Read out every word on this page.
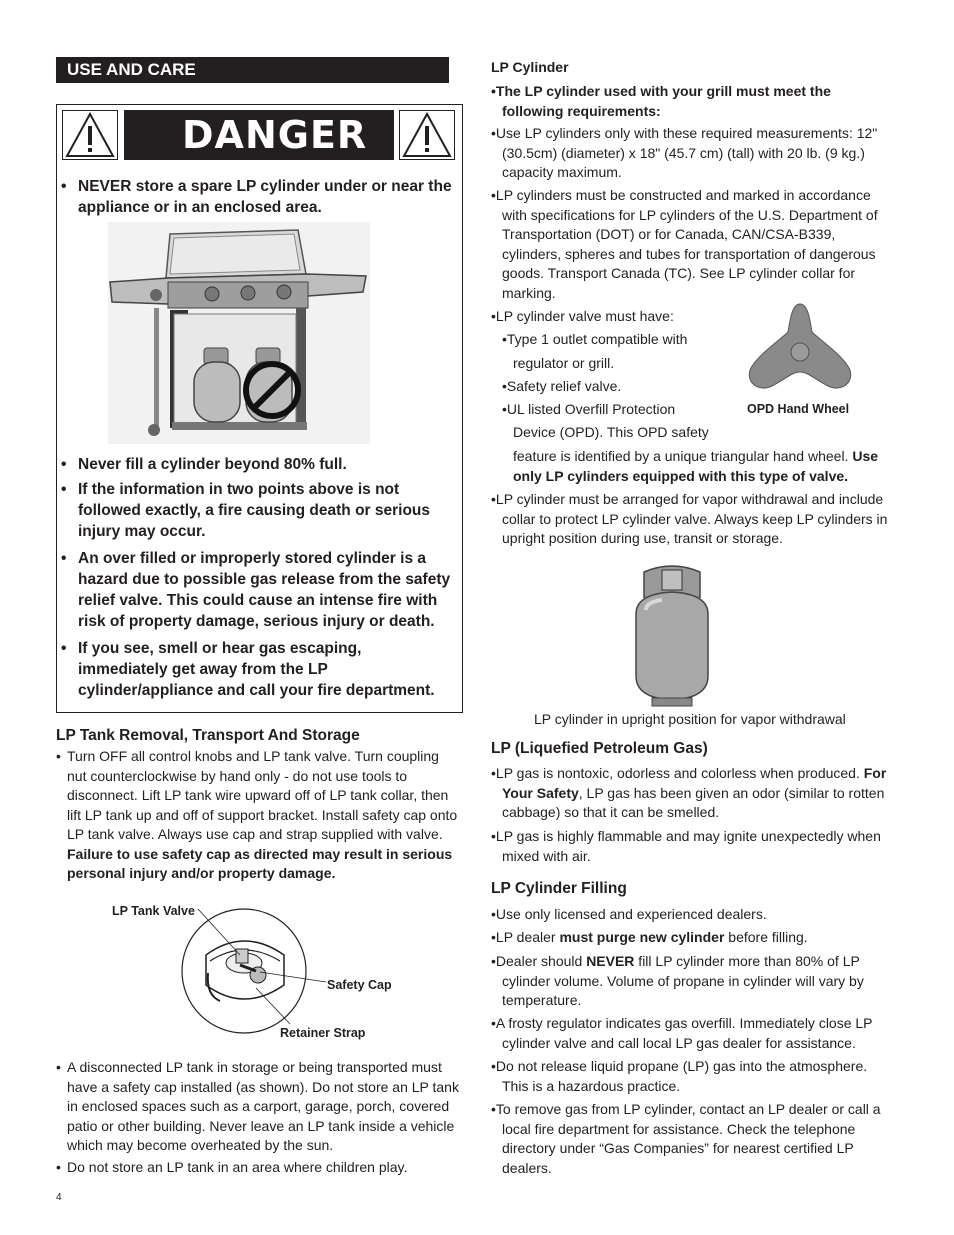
USE AND CARE
DANGER
• NEVER store a spare LP cylinder under or near the appliance or in an enclosed area.
• Never fill a cylinder beyond 80% full.
• If the information in two points above is not followed exactly, a fire causing death or serious injury may occur.
• An over filled or improperly stored cylinder is a hazard due to possible gas release from the safety relief valve. This could cause an intense fire with risk of property damage, serious injury or death.
• If you see, smell or hear gas escaping, immediately get away from the LP cylinder/appliance and call your fire department.
LP Tank Removal, Transport And Storage
• Turn OFF all control knobs and LP tank valve. Turn coupling nut counterclockwise by hand only - do not use tools to disconnect. Lift LP tank wire upward off of LP tank collar, then lift LP tank up and off of support bracket. Install safety cap onto LP tank valve. Always use cap and strap supplied with valve. Failure to use safety cap as directed may result in serious personal injury and/or property damage.
LP Tank Valve
Safety Cap
Retainer Strap
• A disconnected LP tank in storage or being transported must have a safety cap installed (as shown). Do not store an LP tank in enclosed spaces such as a carport, garage, porch, covered patio or other building. Never leave an LP tank inside a vehicle which may become overheated by the sun.
• Do not store an LP tank in an area where children play.
4
LP Cylinder
•The LP cylinder used with your grill must meet the following requirements:
•Use LP cylinders only with these required measurements: 12" (30.5cm) (diameter) x 18" (45.7 cm) (tall) with 20 lb. (9 kg.) capacity maximum.
•LP cylinders must be constructed and marked in accordance with specifications for LP cylinders of the U.S. Department of Transportation (DOT) or for Canada, CAN/CSA-B339, cylinders, spheres and tubes for transportation of dangerous goods. Transport Canada (TC). See LP cylinder collar for marking.
•LP cylinder valve must have:
•Type 1 outlet compatible with
regulator or grill.
•Safety relief valve.
•UL listed Overfill Protection
Device (OPD). This OPD safety
feature is identified by a unique triangular hand wheel. Use only LP cylinders equipped with this type of valve.
OPD Hand Wheel
•LP cylinder must be arranged for vapor withdrawal and include collar to protect LP cylinder valve. Always keep LP cylinders in upright position during use, transit or storage.
LP cylinder in upright position for vapor withdrawal
LP (Liquefied Petroleum Gas)
•LP gas is nontoxic, odorless and colorless when produced. For Your Safety, LP gas has been given an odor (similar to rotten cabbage) so that it can be smelled.
•LP gas is highly flammable and may ignite unexpectedly when mixed with air.
LP Cylinder Filling
•Use only licensed and experienced dealers.
•LP dealer must purge new cylinder before filling.
•Dealer should NEVER fill LP cylinder more than 80% of LP cylinder volume. Volume of propane in cylinder will vary by temperature.
•A frosty regulator indicates gas overfill. Immediately close LP cylinder valve and call local LP gas dealer for assistance.
•Do not release liquid propane (LP) gas into the atmosphere. This is a hazardous practice.
•To remove gas from LP cylinder, contact an LP dealer or call a local fire department for assistance. Check the telephone directory under “Gas Companies” for nearest certified LP dealers.
